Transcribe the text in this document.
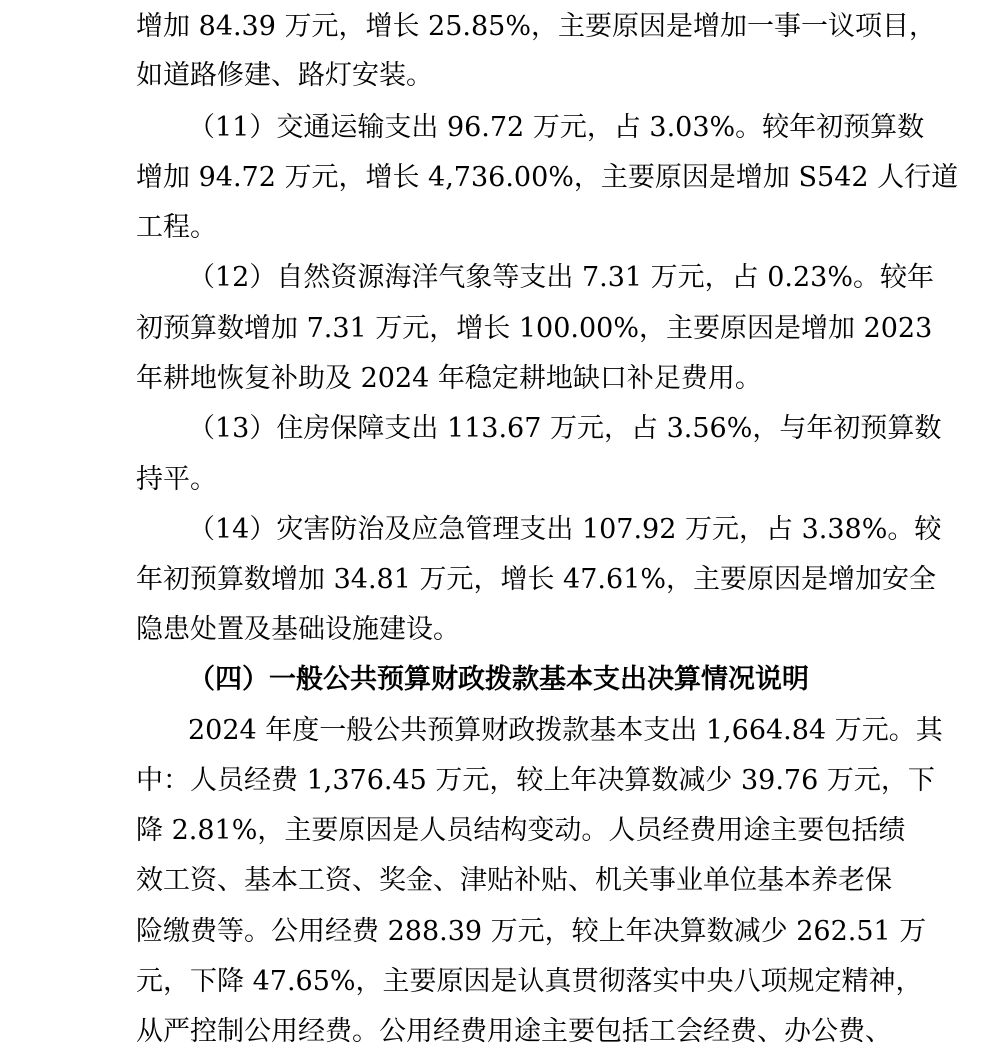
增加 84.39 万元，增长 25.85%，主要原因是增加一事一议项目，
如道路修建、路灯安装。
（11）交通运输支出 96.72 万元，占 3.03%。较年初预算数
增加 94.72 万元，增长 4,736.00%，主要原因是增加 S542 人行道
工程。
（12）自然资源海洋气象等支出 7.31 万元，占 0.23%。较年
初预算数增加 7.31 万元，增长 100.00%，主要原因是增加 2023
年耕地恢复补助及 2024 年稳定耕地缺口补足费用。
（13）住房保障支出 113.67 万元，占 3.56%，与年初预算数
持平。
（14）灾害防治及应急管理支出 107.92 万元，占 3.38%。较
年初预算数增加 34.81 万元，增长 47.61%，主要原因是增加安全
隐患处置及基础设施建设。
（四）一般公共预算财政拨款基本支出决算情况说明
2024 年度一般公共预算财政拨款基本支出 1,664.84 万元。其
中：人员经费 1,376.45 万元，较上年决算数减少 39.76 万元，下
降 2.81%，主要原因是人员结构变动。人员经费用途主要包括绩
效工资、基本工资、奖金、津贴补贴、机关事业单位基本养老保
险缴费等。公用经费 288.39 万元，较上年决算数减少 262.51 万
元，下降 47.65%，主要原因是认真贯彻落实中央八项规定精神，
从严控制公用经费。公用经费用途主要包括工会经费、办公费、
